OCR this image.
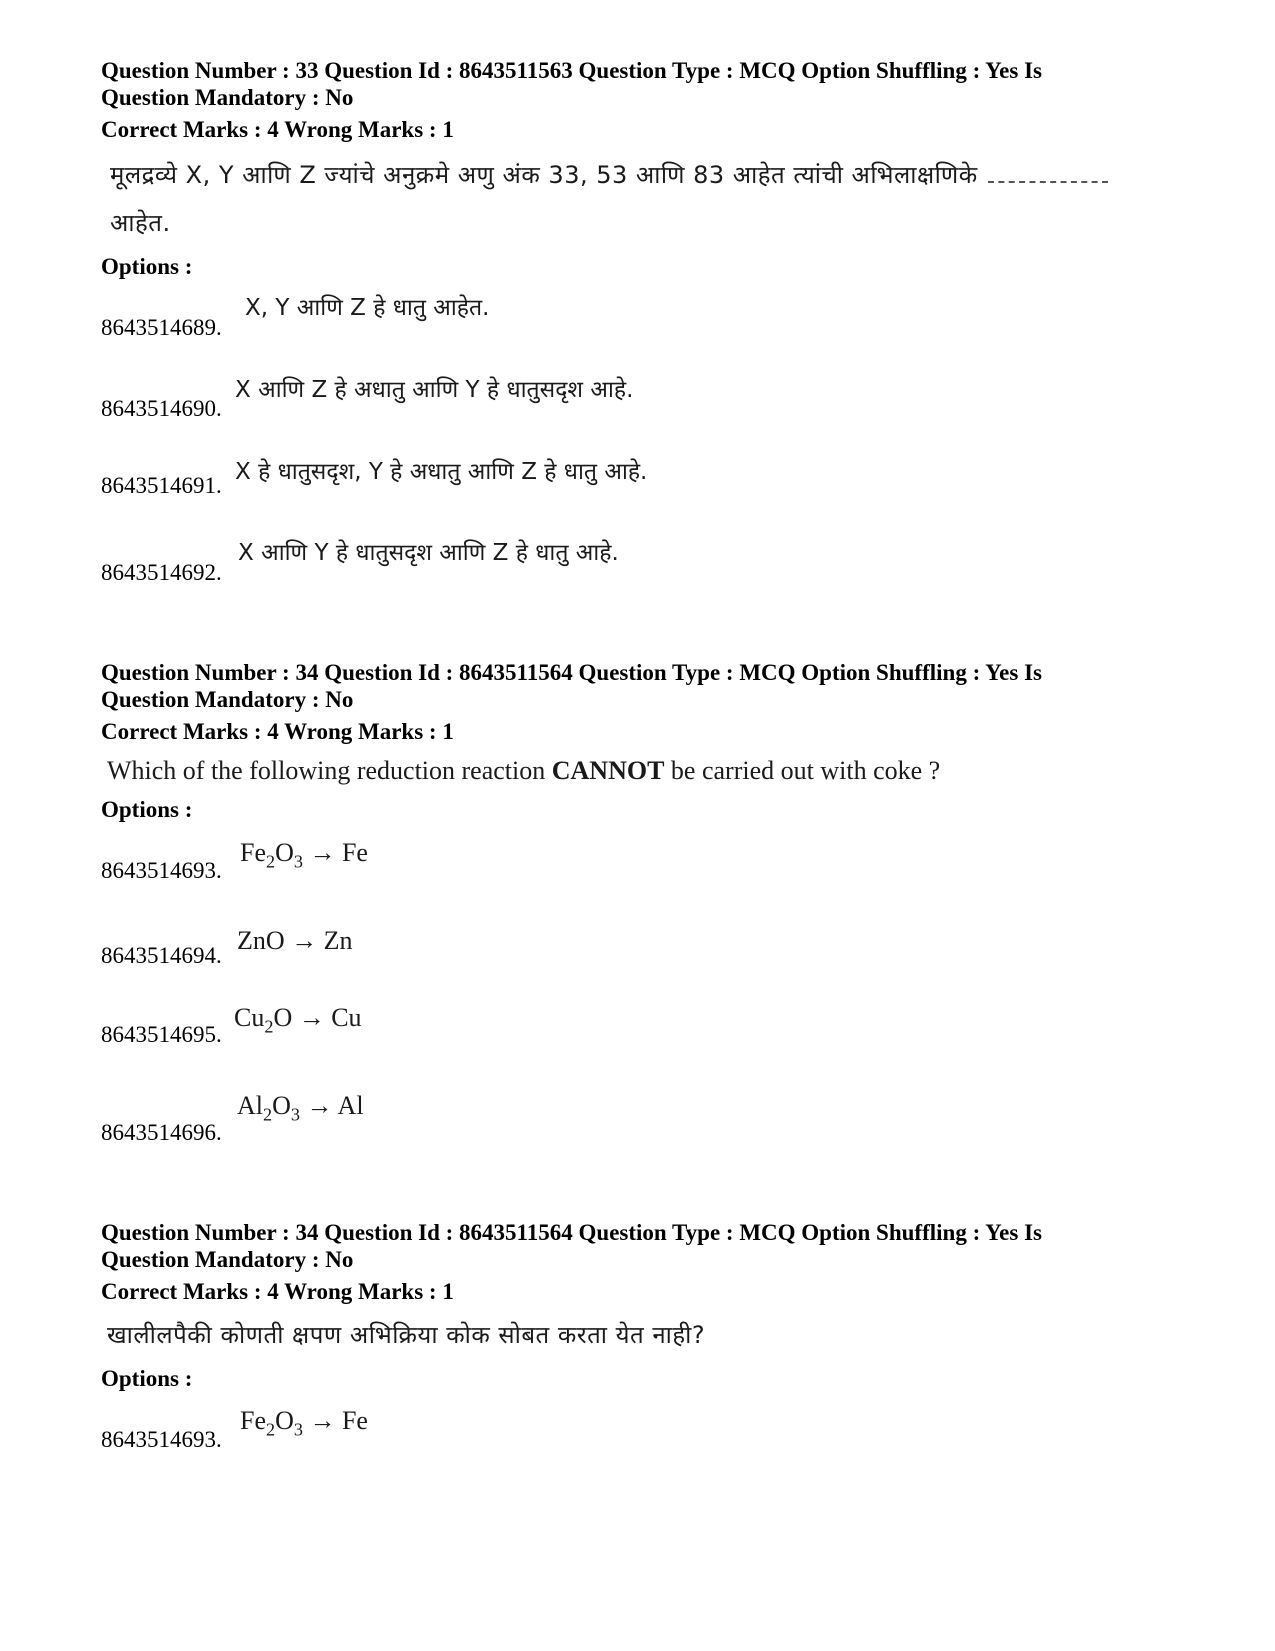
Question Number : 33 Question Id : 8643511563 Question Type : MCQ Option Shuffling : Yes Is
Question Mandatory : No
Correct Marks : 4 Wrong Marks : 1
मूलद्रव्ये X, Y आणि Z ज्यांचे अनुक्रमे अणु अंक 33, 53 आणि 83 आहेत त्यांची अभिलाक्षणिके
आहेत.
Options :
X, Y आणि Z हे धातु आहेत.
8643514689.
X आणि Z हे अधातु आणि Y हे धातुसदृश आहे.
8643514690.
X हे धातुसदृश, Y हे अधातु आणि Z हे धातु आहे.
8643514691.
X आणि Y हे धातुसदृश आणि Z हे धातु आहे.
8643514692.
Question Number : 34 Question Id : 8643511564 Question Type : MCQ Option Shuffling : Yes Is
Question Mandatory : No
Correct Marks : 4 Wrong Marks : 1
Which of the following reduction reaction CANNOT be carried out with coke ?
Options :
$Fe_2O_3 \to Fe$
8643514693.
ZnO → Zn
8643514694.
$Cu_2O \to Cu$
8643514695.
$Al_2O_3 \to Al$
8643514696.
Question Number : 34 Question Id : 8643511564 Question Type : MCQ Option Shuffling : Yes Is
Question Mandatory : No
Correct Marks : 4 Wrong Marks : 1
खालीलपैकी कोणती क्षपण अभिक्रिया कोक सोबत करता येत नाही?
Options :
$Fe_2O_3 \to Fe$
8643514693.
